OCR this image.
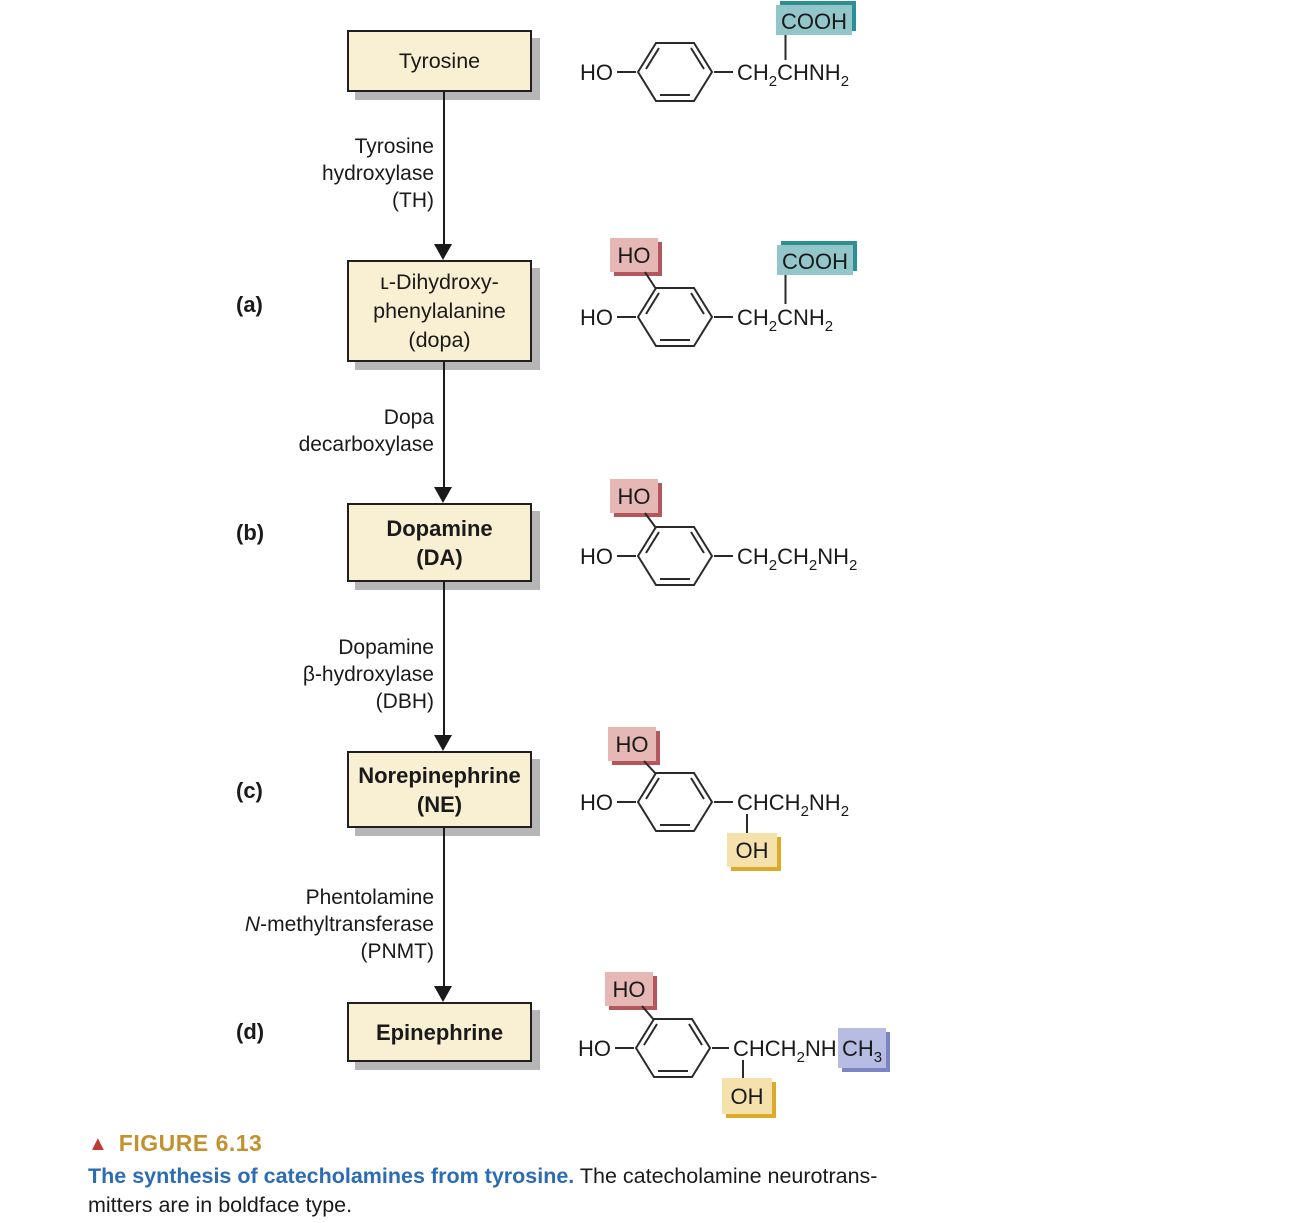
Tyrosine
ʟ-Dihydroxy-
phenylalanine
(dopa)
Dopamine
(DA)
Norepinephrine
(NE)
Epinephrine
Tyrosine
hydroxylase
(TH)
Dopa
decarboxylase
Dopamine
β-hydroxylase
(DBH)
Phentolamine
N-methyltransferase
(PNMT)
(a)
(b)
(c)
(d)
COOH
HO	$CH_2CHNH_2$
HO	COOH
HO	$CH_2CNH_2$
HO
HO	$CH_2CH_2NH_2$
HO
HO	$CHCH_2NH_2$
OH
HO
HO	$CHCH_2NH$ $CH_3$
OH
▲ FIGURE 6.13
The synthesis of catecholamines from tyrosine. The catecholamine neurotrans-
mitters are in boldface type.
